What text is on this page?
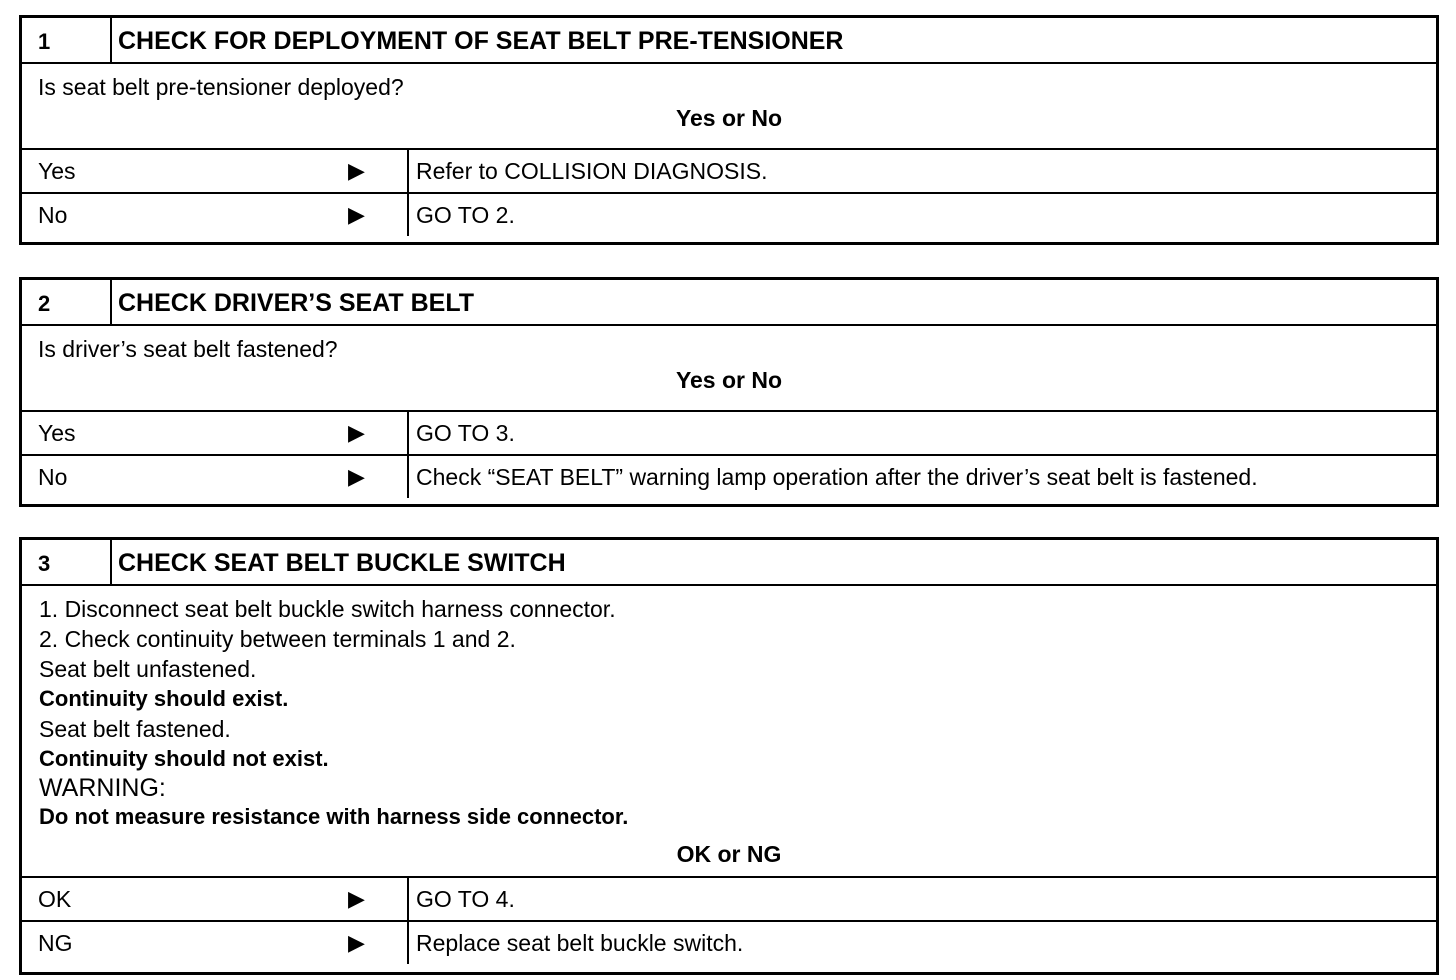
1	CHECK FOR DEPLOYMENT OF SEAT BELT PRE-TENSIONER
Is seat belt pre-tensioner deployed?
Yes or No
Yes	▶	Refer to COLLISION DIAGNOSIS.
No	▶	GO TO 2.
2	CHECK DRIVER’S SEAT BELT
Is driver’s seat belt fastened?
Yes or No
Yes	▶	GO TO 3.
No	▶	Check “SEAT BELT” warning lamp operation after the driver’s seat belt is fastened.
3	CHECK SEAT BELT BUCKLE SWITCH
1. Disconnect seat belt buckle switch harness connector.
2. Check continuity between terminals 1 and 2.
Seat belt unfastened.
Continuity should exist.
Seat belt fastened.
Continuity should not exist.
WARNING:
Do not measure resistance with harness side connector.
OK or NG
OK	▶	GO TO 4.
NG	▶	Replace seat belt buckle switch.
